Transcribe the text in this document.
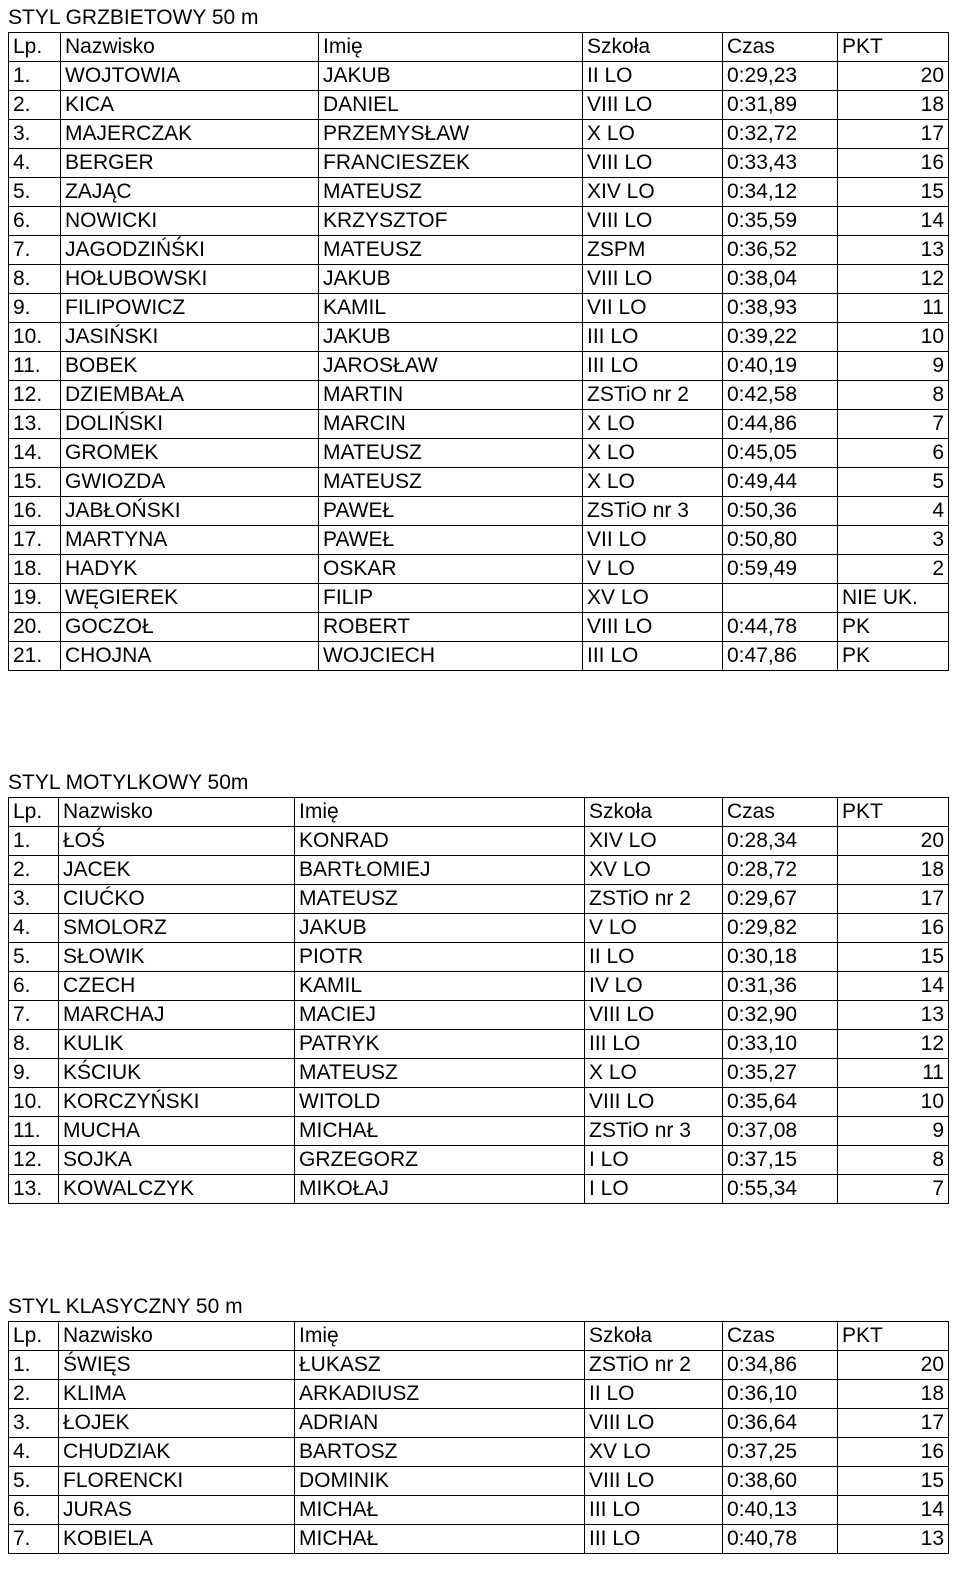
STYL GRZBIETOWY 50 m
Lp.	Nazwisko	Imię	Szkoła	Czas	PKT
1.	WOJTOWIA	JAKUB	II LO	0:29,23	20
2.	KICA	DANIEL	VIII LO	0:31,89	18
3.	MAJERCZAK	PRZEMYSŁAW	X LO	0:32,72	17
4.	BERGER	FRANCIESZEK	VIII LO	0:33,43	16
5.	ZAJĄC	MATEUSZ	XIV LO	0:34,12	15
6.	NOWICKI	KRZYSZTOF	VIII LO	0:35,59	14
7.	JAGODZIŃŚKI	MATEUSZ	ZSPM	0:36,52	13
8.	HOŁUBOWSKI	JAKUB	VIII LO	0:38,04	12
9.	FILIPOWICZ	KAMIL	VII LO	0:38,93	11
10.	JASIŃSKI	JAKUB	III LO	0:39,22	10
11.	BOBEK	JAROSŁAW	III LO	0:40,19	9
12.	DZIEMBAŁA	MARTIN	ZSTiO nr 2	0:42,58	8
13.	DOLIŃSKI	MARCIN	X LO	0:44,86	7
14.	GROMEK	MATEUSZ	X LO	0:45,05	6
15.	GWIOZDA	MATEUSZ	X LO	0:49,44	5
16.	JABŁOŃSKI	PAWEŁ	ZSTiO nr 3	0:50,36	4
17.	MARTYNA	PAWEŁ	VII LO	0:50,80	3
18.	HADYK	OSKAR	V LO	0:59,49	2
19.	WĘGIEREK	FILIP	XV LO		NIE UK.
20.	GOCZOŁ	ROBERT	VIII LO	0:44,78	PK
21.	CHOJNA	WOJCIECH	III LO	0:47,86	PK
STYL MOTYLKOWY 50m
Lp.	Nazwisko	Imię	Szkoła	Czas	PKT
1.	ŁOŚ	KONRAD	XIV LO	0:28,34	20
2.	JACEK	BARTŁOMIEJ	XV LO	0:28,72	18
3.	CIUĆKO	MATEUSZ	ZSTiO nr 2	0:29,67	17
4.	SMOLORZ	JAKUB	V LO	0:29,82	16
5.	SŁOWIK	PIOTR	II LO	0:30,18	15
6.	CZECH	KAMIL	IV LO	0:31,36	14
7.	MARCHAJ	MACIEJ	VIII LO	0:32,90	13
8.	KULIK	PATRYK	III LO	0:33,10	12
9.	KŚCIUK	MATEUSZ	X LO	0:35,27	11
10.	KORCZYŃSKI	WITOLD	VIII LO	0:35,64	10
11.	MUCHA	MICHAŁ	ZSTiO nr 3	0:37,08	9
12.	SOJKA	GRZEGORZ	I LO	0:37,15	8
13.	KOWALCZYK	MIKOŁAJ	I LO	0:55,34	7
STYL KLASYCZNY 50 m
Lp.	Nazwisko	Imię	Szkoła	Czas	PKT
1.	ŚWIĘS	ŁUKASZ	ZSTiO nr 2	0:34,86	20
2.	KLIMA	ARKADIUSZ	II LO	0:36,10	18
3.	ŁOJEK	ADRIAN	VIII LO	0:36,64	17
4.	CHUDZIAK	BARTOSZ	XV LO	0:37,25	16
5.	FLORENCKI	DOMINIK	VIII LO	0:38,60	15
6.	JURAS	MICHAŁ	III LO	0:40,13	14
7.	KOBIELA	MICHAŁ	III LO	0:40,78	13
